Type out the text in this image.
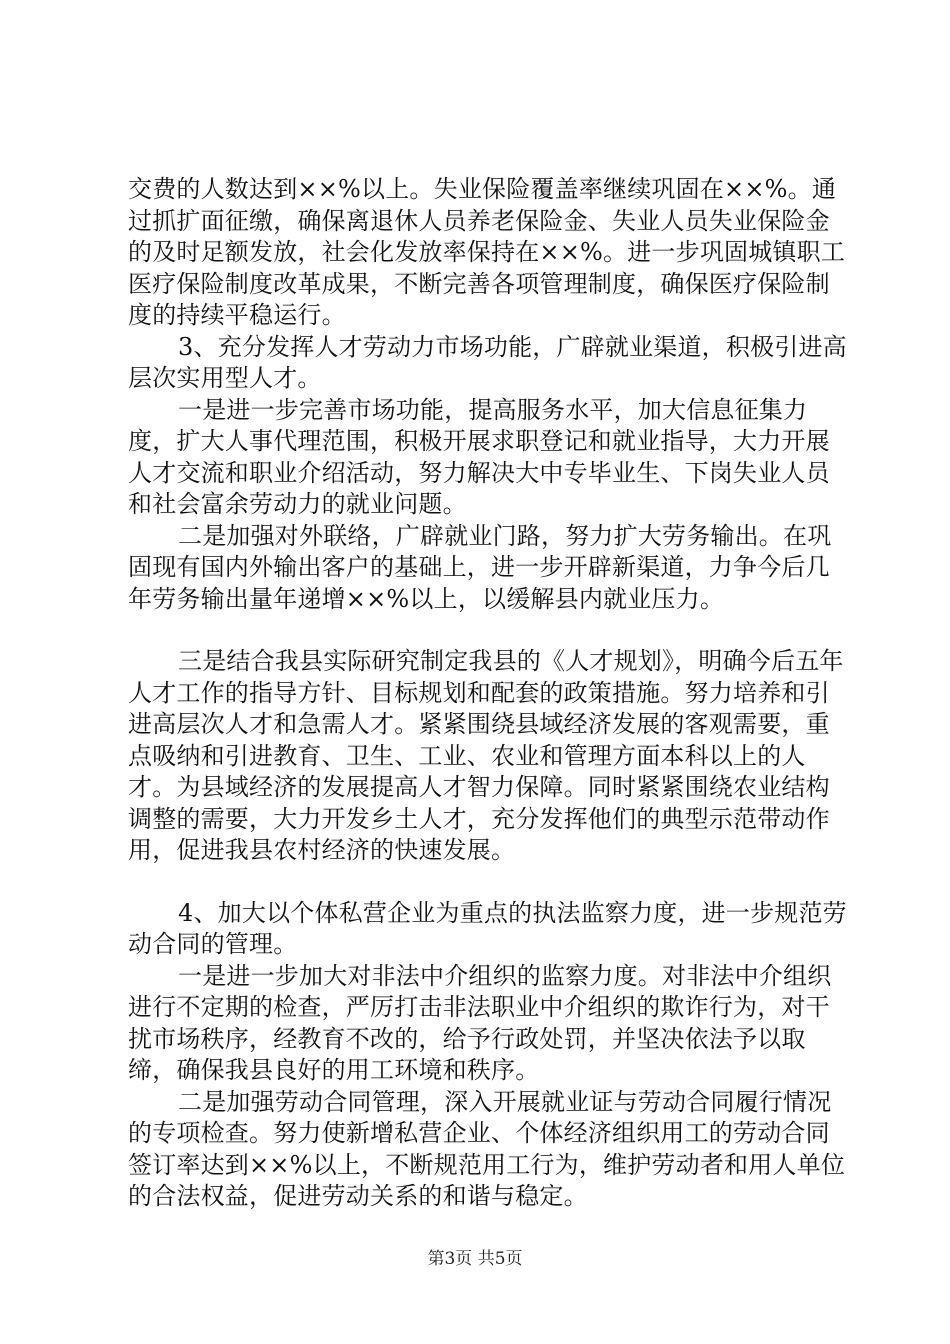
交费的人数达到××%以上。失业保险覆盖率继续巩固在××%。通过抓扩面征缴，确保离退休人员养老保险金、失业人员失业保险金的及时足额发放，社会化发放率保持在××%。进一步巩固城镇职工医疗保险制度改革成果，不断完善各项管理制度，确保医疗保险制度的持续平稳运行。

3、充分发挥人才劳动力市场功能，广辟就业渠道，积极引进高层次实用型人才。

一是进一步完善市场功能，提高服务水平，加大信息征集力度，扩大人事代理范围，积极开展求职登记和就业指导，大力开展人才交流和职业介绍活动，努力解决大中专毕业生、下岗失业人员和社会富余劳动力的就业问题。

二是加强对外联络，广辟就业门路，努力扩大劳务输出。在巩固现有国内外输出客户的基础上，进一步开辟新渠道，力争今后几年劳务输出量年递增××%以上，以缓解县内就业压力。

三是结合我县实际研究制定我县的《人才规划》，明确今后五年人才工作的指导方针、目标规划和配套的政策措施。努力培养和引进高层次人才和急需人才。紧紧围绕县域经济发展的客观需要，重点吸纳和引进教育、卫生、工业、农业和管理方面本科以上的人才。为县域经济的发展提高人才智力保障。同时紧紧围绕农业结构调整的需要，大力开发乡土人才，充分发挥他们的典型示范带动作用，促进我县农村经济的快速发展。

4、加大以个体私营企业为重点的执法监察力度，进一步规范劳动合同的管理。

一是进一步加大对非法中介组织的监察力度。对非法中介组织进行不定期的检查，严厉打击非法职业中介组织的欺诈行为，对干扰市场秩序，经教育不改的，给予行政处罚，并坚决依法予以取缔，确保我县良好的用工环境和秩序。

二是加强劳动合同管理，深入开展就业证与劳动合同履行情况的专项检查。努力使新增私营企业、个体经济组织用工的劳动合同签订率达到××%以上，不断规范用工行为，维护劳动者和用人单位的合法权益，促进劳动关系的和谐与稳定。

第3页 共5页
